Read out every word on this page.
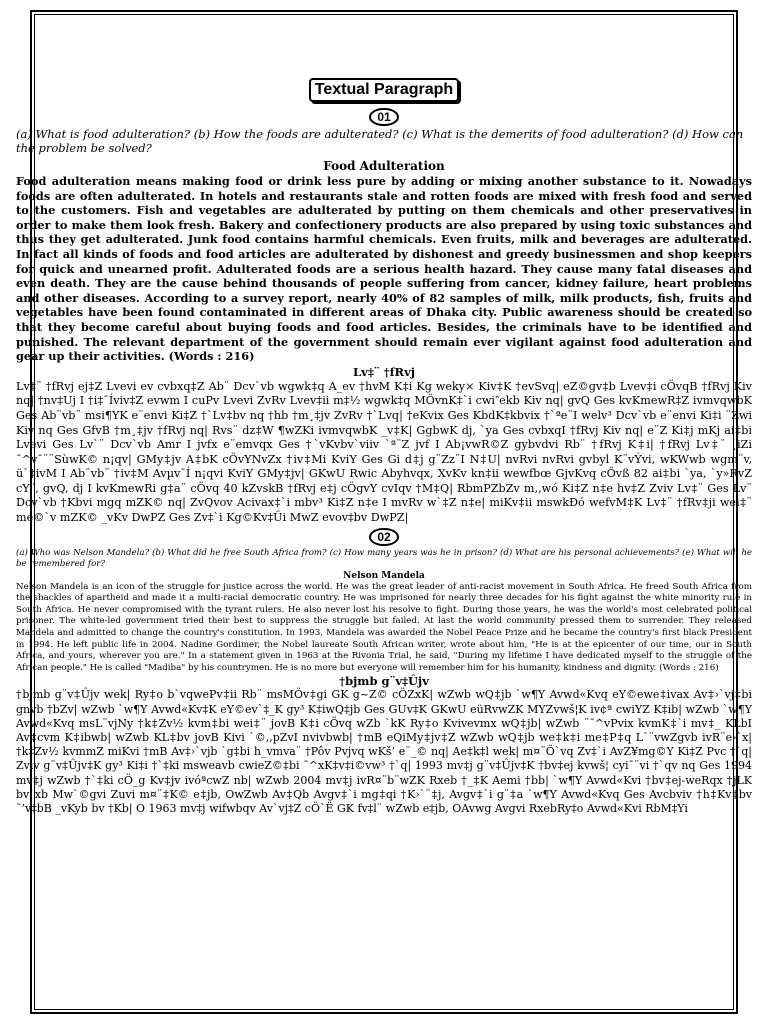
Textual Paragraph
01

(a) What is food adulteration? (b) How the foods are adulterated? (c) What is the demerits of food adulteration? (d) How can the problem be solved?

Food Adulteration

Food adulteration means making food or drink less pure by adding or mixing another substance to it. Nowadays foods are often adulterated. In hotels and restaurants stale and rotten foods are mixed with fresh food and served to the customers. Fish and vegetables are adulterated by putting on them chemicals and other preservatives in order to make them look fresh. Bakery and confectionery products are also prepared by using toxic substances and thus they get adulterated. Junk food contains harmful chemicals. Even fruits, milk and beverages are adulterated. In fact all kinds of foods and food articles are adulterated by dishonest and greedy businessmen and shop keepers for quick and unearned profit. Adulterated foods are a serious health hazard. They cause many fatal diseases and even death. They are the cause behind thousands of people suffering from cancer, kidney failure, heart problems and other diseases. According to a survey report, nearly 40% of 82 samples of milk, milk products, fish, fruits and vegetables have been found contaminated in different areas of Dhaka city. Public awareness should be created so that they become careful about buying foods and food articles. Besides, the criminals have to be identified and punished. The relevant department of the government should remain ever vigilant against food adulteration and gear up their activities. (Words : 216)

Lv‡¨ †fRvj

Lv‡¨ †fRvj ej‡Z Lvevi ev cvbxq‡Z Ab¨ Dcv`vb wgwk‡q A_ev †hvM K‡i Kg weky× Kiv‡K †evSvq| eZ©gv‡b Lvev‡i cÖvqB †fRvj Kiv nq| †nv‡Uj I †i‡¯Íviv‡Z evwm I cuPv Lvevi ZvRv Lvev‡ii m‡½ wgwk‡q MÖvnK‡`i cwi‶ekb Kiv nq| gvQ Ges kvKmewR‡Z ivmvqwbK Ges Ab¨vb¨ msi¶YK e¨envi Ki‡Z †`Lv‡bv nq †hb †m¸‡jv ZvRv †`Lvq| †eKvix Ges KbdK‡kbvix †`ªe¨I welv³ Dcv`vb e¨envi Ki‡i ¨Zwi Kiv nq Ges GfvB †m¸‡jv †fRvj nq| Rvs¨ dz‡W ¶wZKi ivmvqwbK _v‡K| GgbwK dj, `ya Ges cvbxqI †fRvj Kiv nq| e¨Z Ki‡j mKj ai‡bi Lvevi Ges Lv`¨ Dcv`vb Amr I jvfx e¨emvqx Ges †`vKvbv`viiv `ª¨Z jvf I Ab¡vwR©Z gybvdvi Rb¨ †fRvj K‡i| †fRvj Lv‡¨ ¸iZi ¯^v¯¨¨SùwK© n¡qv| GMy‡jv A‡bK cÖvYNvZx †iv‡Mi KviY Ges Gi d‡j g¨Zz¨I N‡U| nvRvi nvRvi gvbyl K¨vÝvi, wKWwb wgm¨v, ü`‡ivM I Ab¨vb¨ †iv‡M Avµv¯Í n¡qvi KviY GMy‡jv| GKwU Rwic Abyhvqx, XvKv kn‡ii wewfbœ GjvKvq cÖvß 82 ai‡bi `ya, `y»RvZ cY¨, gvQ, dj I kvKmewRi g‡a¨ cÖvq 40 kZvskB †fRvj e‡j cÖgvY cvIqv †M‡Q| RbmPZbZv m,,wó Ki‡Z n‡e hv‡Z Zviv Lv‡¨ Ges Lv¨ Dcv`vb †Kbvi mgq mZK© nq| ZvQvov Acivax‡`i mbv³ Ki‡Z n‡e I mvRv w`‡Z n‡e| miKv‡ii mswkÐó wefvM‡K Lv‡¨ †fRv‡ji wei‡¨ me©`v mZK© _vKv DwPZ Ges Zv‡`i Kg©Kv‡Ûi MwZ evov‡bv DwPZ|

02

(a) Who was Nelson Mandela? (b) What did he free South Africa from? (c) How many years was he in prison? (d) What are his personal achievements? (e) What will he be remembered for?

Nelson Mandela

Nelson Mandela is an icon of the struggle for justice across the world. He was the great leader of anti-racist movement in South Africa. He freed South Africa from the shackles of apartheid and made it a multi-racial democratic country. He was imprisoned for nearly three decades for his fight against the white minority rule in South Africa. He never compromised with the tyrant rulers. He also never lost his resolve to fight. During those years, he was the world's most celebrated political prisoner. The white-led government tried their best to suppress the struggle but failed. At last the world community pressed them to surrender. They released Mandela and admitted to change the country's constitution. In 1993, Mandela was awarded the Nobel Peace Prize and he became the country's first black President in 1994. He left public life in 2004. Nadine Gordimer, the Nobel laureate South African writer, wrote about him, "He is at the epicenter of our time, our in South Africa, and yours, wherever you are." In a statement given in 1963 at the Rivonia Trial, he said, "During my lifetime I have dedicated myself to the struggle of the African people." He is called "Madiba" by his countrymen. He is no more but everyone will remember him for his humanity, kindness and dignity. (Words : 216)

†bjmb g¨v‡Ûjv

†bjmb g¨v‡Ûjv wek| Ry‡o b`vqwePv‡ii Rb¨ msMÖv‡gi GK g~Z© cÖZxK| wZwb wQ‡jb `w¶Y Avwd«Kvq eY©ewe‡ivax Av‡›`vj‡bi gnvb †bZv| wZwb `w¶Y Avwd«Kv‡K eY©ev`‡_K gy³ K‡iwQ‡jb Ges GUv‡K GKwU eüRvwZK MYZvwš¦K iv¢ª cwiYZ K‡ib| wZwb `w¶Y Avwd«Kvq msL¨vjNy †k‡Zv½ kvm‡bi wei‡¨ jovB K‡i cÖvq wZb `kK Ry‡o Kvivevmx wQ‡jb| wZwb ¨¯^vPvix kvmK‡`i mv‡_ KLbI Av‡cvm K‡ibwb| wZwb KL‡bv jovB Kivi `©,,pZvI nvivbwb| †mB eQiMy‡jv‡Z wZwb wQ‡jb we‡k‡i me‡P‡q L`¨vwZgvb ivR¨e›`x| †k‡Zv½ kvmmZ miKvi †mB Av‡›`vjb `g‡bi h_vmva¨ †Pôv Pvjvq wKš’ e¨_© nq| Ae‡k‡l wek| m¤¨Ö`vq Zv‡`i AvZ¥mg©Y Ki‡Z Pvc †`q| Zviv g¨v‡Ûjv‡K gy³ Ki‡i †`‡ki msweavb cwieZ©‡bi ¯^xK‡v‡i©vw³ †`q| 1993 mv‡j g¨v‡Ûjv‡K †bv‡ej kvwš¦ cyi¯¨vi †`qv nq Ges 1994 mv‡j wZwb †`‡ki cÖ_g Kv‡jv ivóªcwZ nb| wZwb 2004 mv‡j ivR¤¨b¨wZK Rxeb †_‡K Aemi †bb| `w¶Y Avwd«Kvi †bv‡ej-weRqx †jLK bv`xb Mw`©gvi Zuvi m¤¨‡K© e‡jb, OwZwb Av‡Qb Avgv‡`i mg‡qi †K›`¨‡j, Avgv‡`i g¨‡a `w¶Y Avwd«Kvq Ges Avcbviv †h‡Kv‡bv ¯’v‡bB _vKyb bv †Kb| O 1963 mv‡j wifwbqv Av`vj‡Z cÖ`Ë GK fv‡l¨ wZwb e‡jb, OAvwg Avgvi RxebRy‡o Avwd«Kvi RbM‡Yi
